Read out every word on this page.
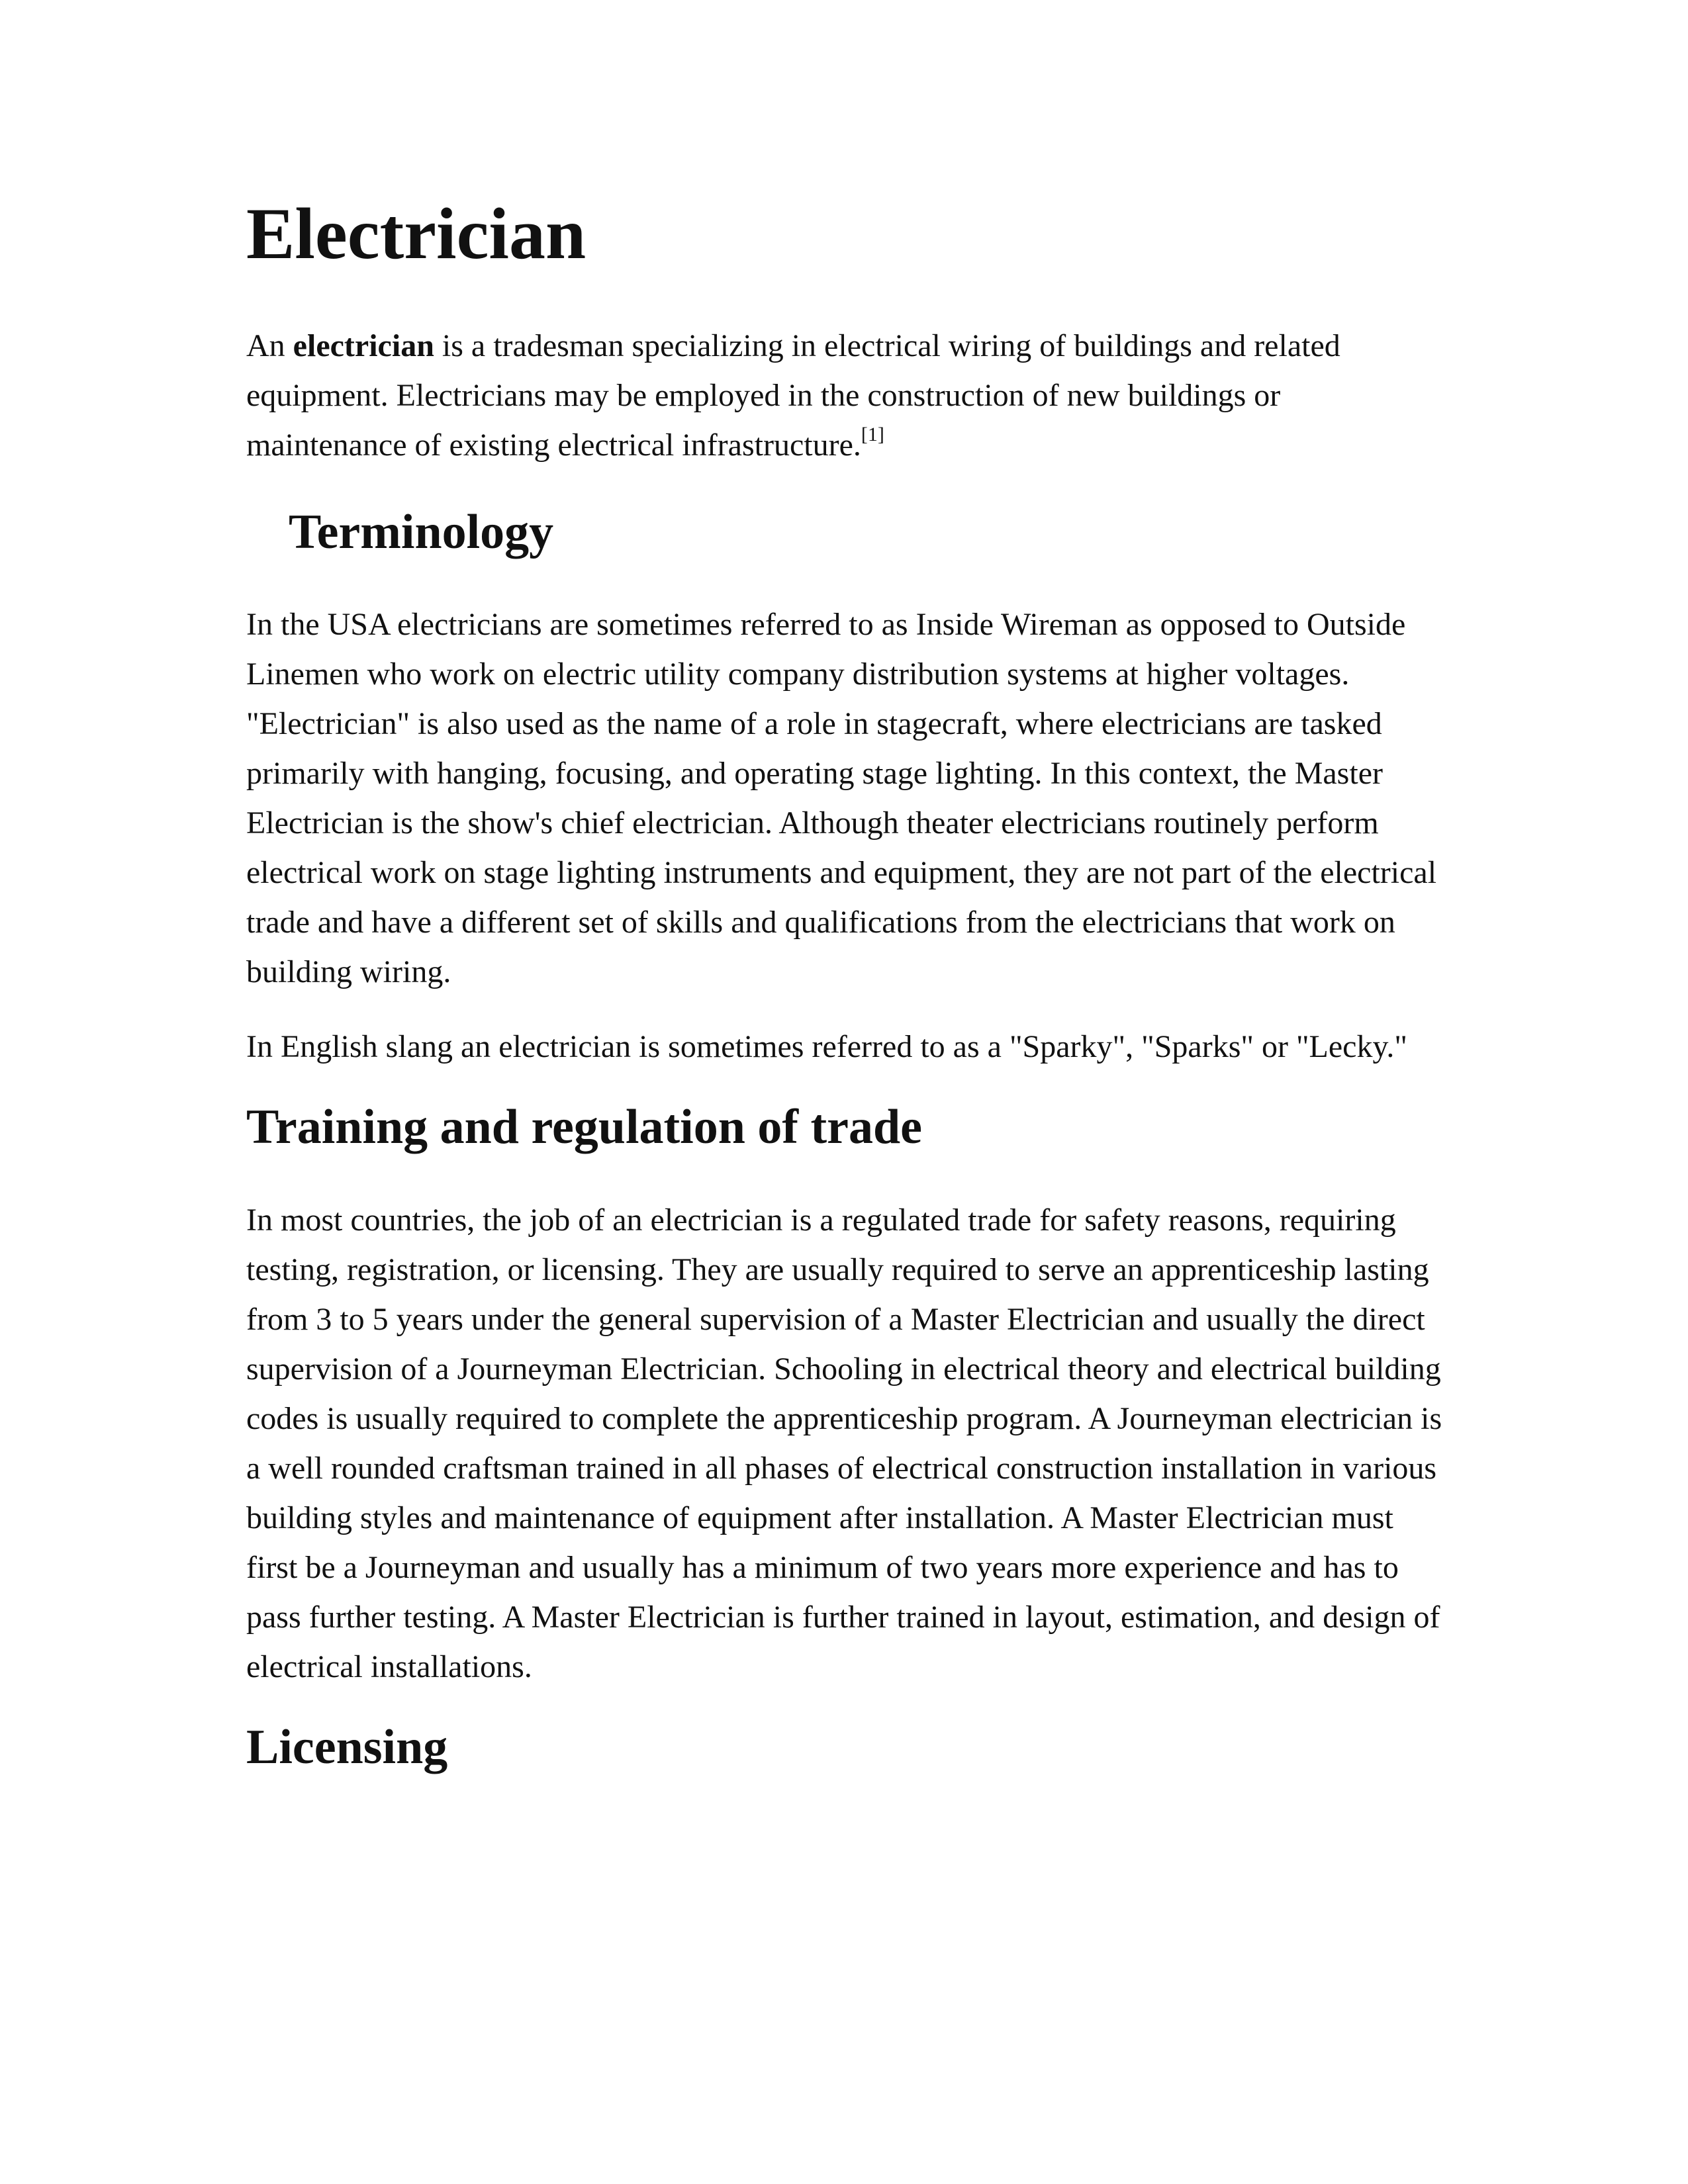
Electrician

An electrician is a tradesman specializing in electrical wiring of buildings and related equipment. Electricians may be employed in the construction of new buildings or maintenance of existing electrical infrastructure.[1]

Terminology

In the USA electricians are sometimes referred to as Inside Wireman as opposed to Outside Linemen who work on electric utility company distribution systems at higher voltages. "Electrician" is also used as the name of a role in stagecraft, where electricians are tasked primarily with hanging, focusing, and operating stage lighting. In this context, the Master Electrician is the show's chief electrician. Although theater electricians routinely perform electrical work on stage lighting instruments and equipment, they are not part of the electrical trade and have a different set of skills and qualifications from the electricians that work on building wiring.

In English slang an electrician is sometimes referred to as a "Sparky", "Sparks" or "Lecky."

Training and regulation of trade

In most countries, the job of an electrician is a regulated trade for safety reasons, requiring testing, registration, or licensing. They are usually required to serve an apprenticeship lasting from 3 to 5 years under the general supervision of a Master Electrician and usually the direct supervision of a Journeyman Electrician. Schooling in electrical theory and electrical building codes is usually required to complete the apprenticeship program. A Journeyman electrician is a well rounded craftsman trained in all phases of electrical construction installation in various building styles and maintenance of equipment after installation. A Master Electrician must first be a Journeyman and usually has a minimum of two years more experience and has to pass further testing. A Master Electrician is further trained in layout, estimation, and design of electrical installations.

Licensing
